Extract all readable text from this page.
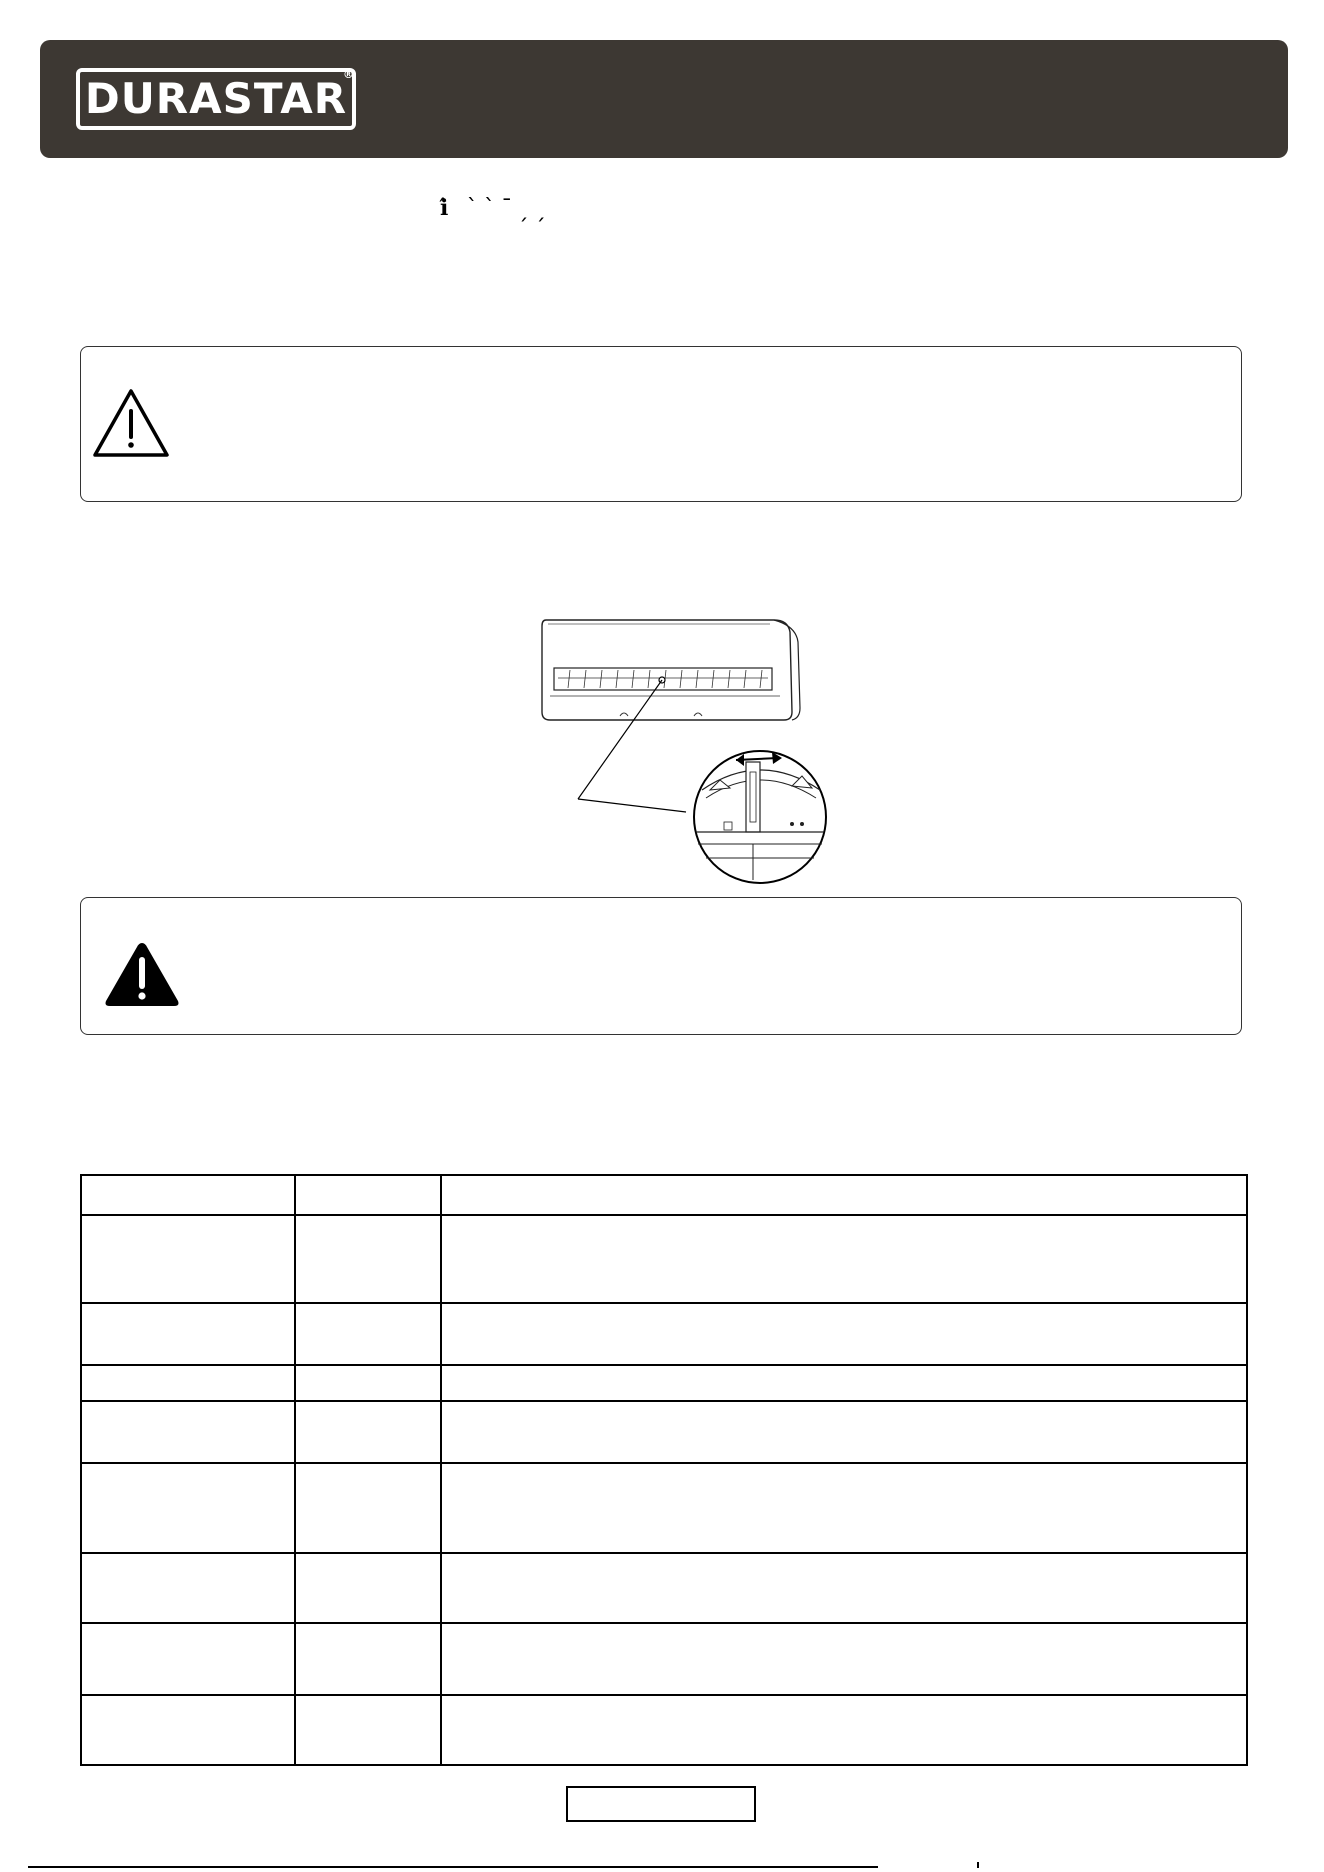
DURASTAR
®
ℹ̂ ̀ ̀ ̄ ̗ ̗
